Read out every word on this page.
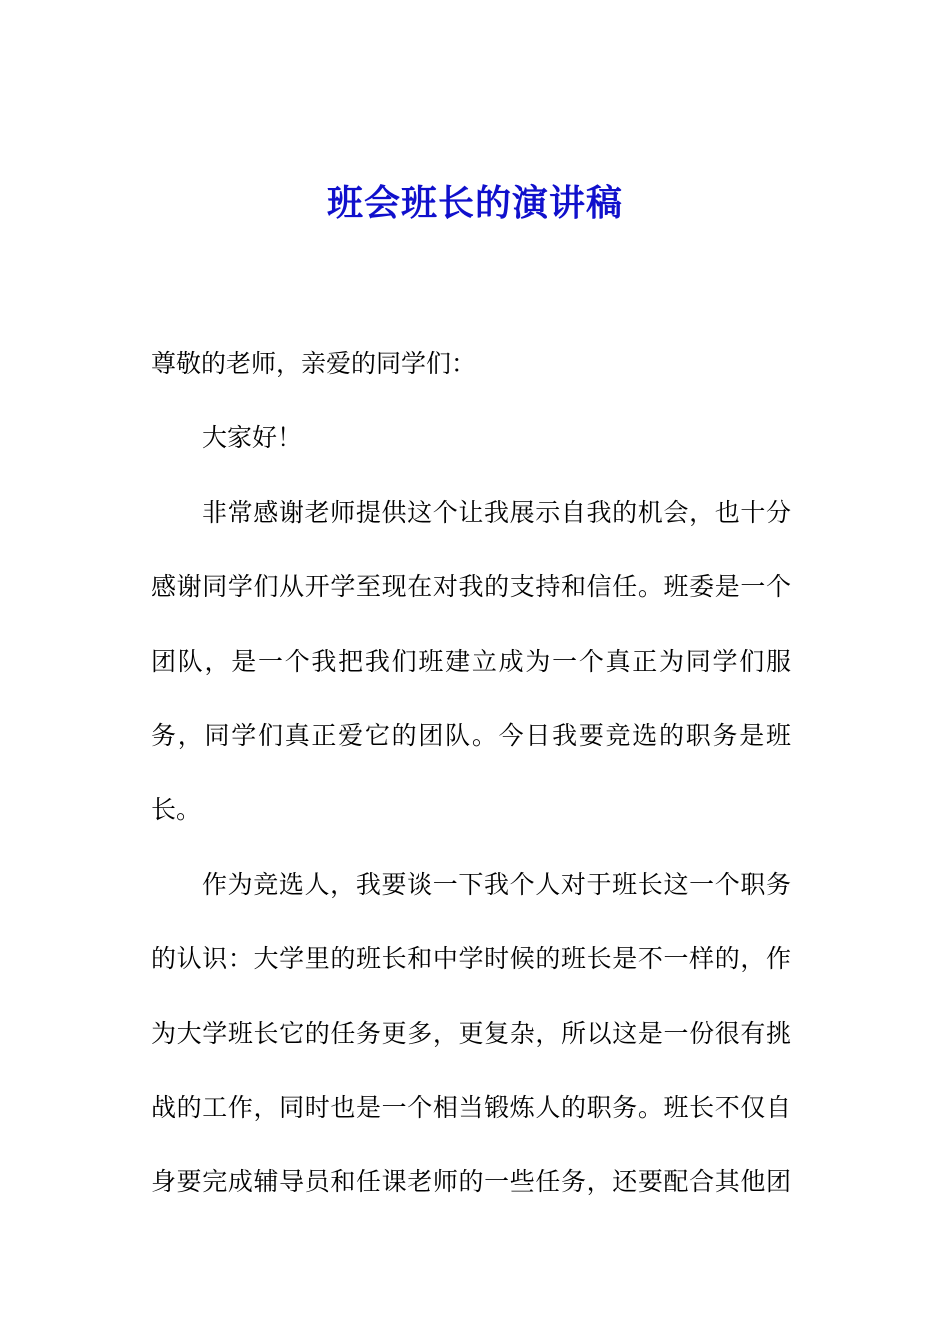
班会班长的演讲稿

尊敬的老师，亲爱的同学们：

大家好！

非常感谢老师提供这个让我展示自我的机会，也十分感谢同学们从开学至现在对我的支持和信任。班委是一个团队，是一个我把我们班建立成为一个真正为同学们服务，同学们真正爱它的团队。今日我要竞选的职务是班长。

作为竞选人，我要谈一下我个人对于班长这一个职务的认识：大学里的班长和中学时候的班长是不一样的，作为大学班长它的任务更多，更复杂，所以这是一份很有挑战的工作，同时也是一个相当锻炼人的职务。班长不仅自身要完成辅导员和任课老师的一些任务，还要配合其他团
